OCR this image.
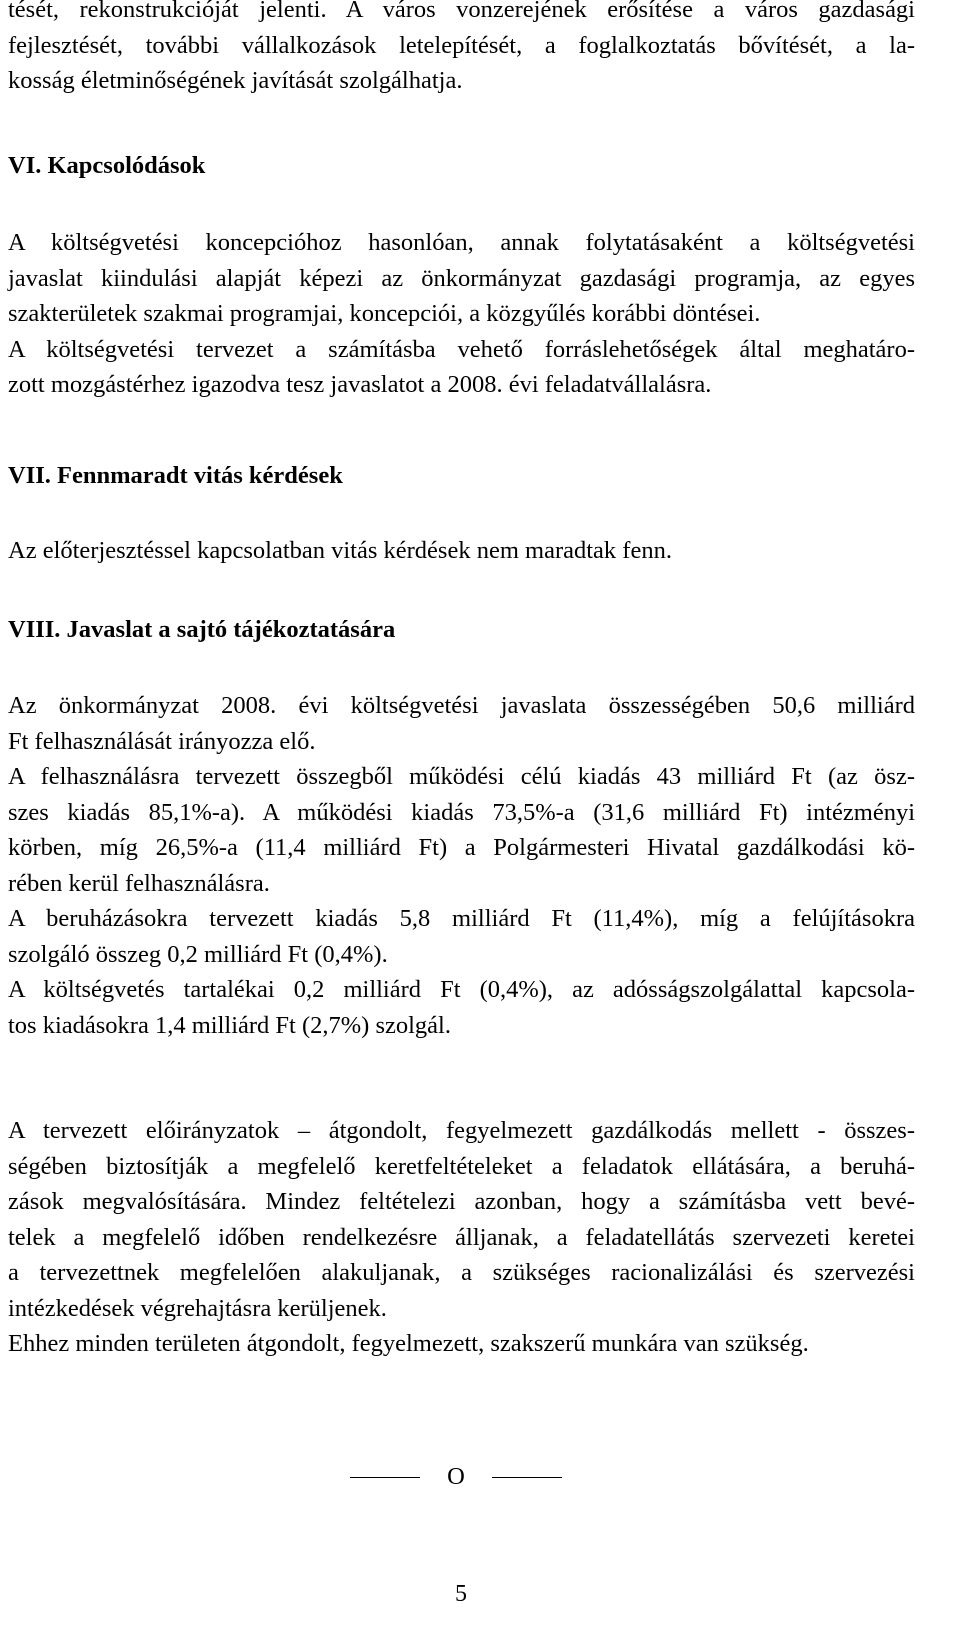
tését, rekonstrukcióját jelenti. A város vonzerejének erősítése a város gazdasági
fejlesztését, további vállalkozások letelepítését, a foglalkoztatás bővítését, a la-
kosság életminőségének javítását szolgálhatja.

VI. Kapcsolódások

A költségvetési koncepcióhoz hasonlóan, annak folytatásaként a költségvetési
javaslat kiindulási alapját képezi az önkormányzat gazdasági programja, az egyes
szakterületek szakmai programjai, koncepciói, a közgyűlés korábbi döntései.
A költségvetési tervezet a számításba vehető forráslehetőségek által meghatáro-
zott mozgástérhez igazodva tesz javaslatot a 2008. évi feladatvállalásra.

VII. Fennmaradt vitás kérdések

Az előterjesztéssel kapcsolatban vitás kérdések nem maradtak fenn.

VIII. Javaslat a sajtó tájékoztatására

Az önkormányzat 2008. évi költségvetési javaslata összességében 50,6 milliárd
Ft felhasználását irányozza elő.
A felhasználásra tervezett összegből működési célú kiadás 43 milliárd Ft (az ösz-
szes kiadás 85,1%-a). A működési kiadás 73,5%-a (31,6 milliárd Ft) intézményi
körben, míg 26,5%-a (11,4 milliárd Ft) a Polgármesteri Hivatal gazdálkodási kö-
rében kerül felhasználásra.
A beruházásokra tervezett kiadás 5,8 milliárd Ft (11,4%), míg a felújításokra
szolgáló összeg 0,2 milliárd Ft (0,4%).
A költségvetés tartalékai 0,2 milliárd Ft (0,4%), az adósságszolgálattal kapcsola-
tos kiadásokra 1,4 milliárd Ft (2,7%) szolgál.

A tervezett előirányzatok – átgondolt, fegyelmezett gazdálkodás mellett - összes-
ségében biztosítják a megfelelő keretfeltételeket a feladatok ellátására, a beruhá-
zások megvalósítására. Mindez feltételezi azonban, hogy a számításba vett bevé-
telek a megfelelő időben rendelkezésre álljanak, a feladatellátás szervezeti keretei
a tervezettnek megfelelően alakuljanak, a szükséges racionalizálási és szervezési
intézkedések végrehajtásra kerüljenek.
Ehhez minden területen átgondolt, fegyelmezett, szakszerű munkára van szükség.

O
5
